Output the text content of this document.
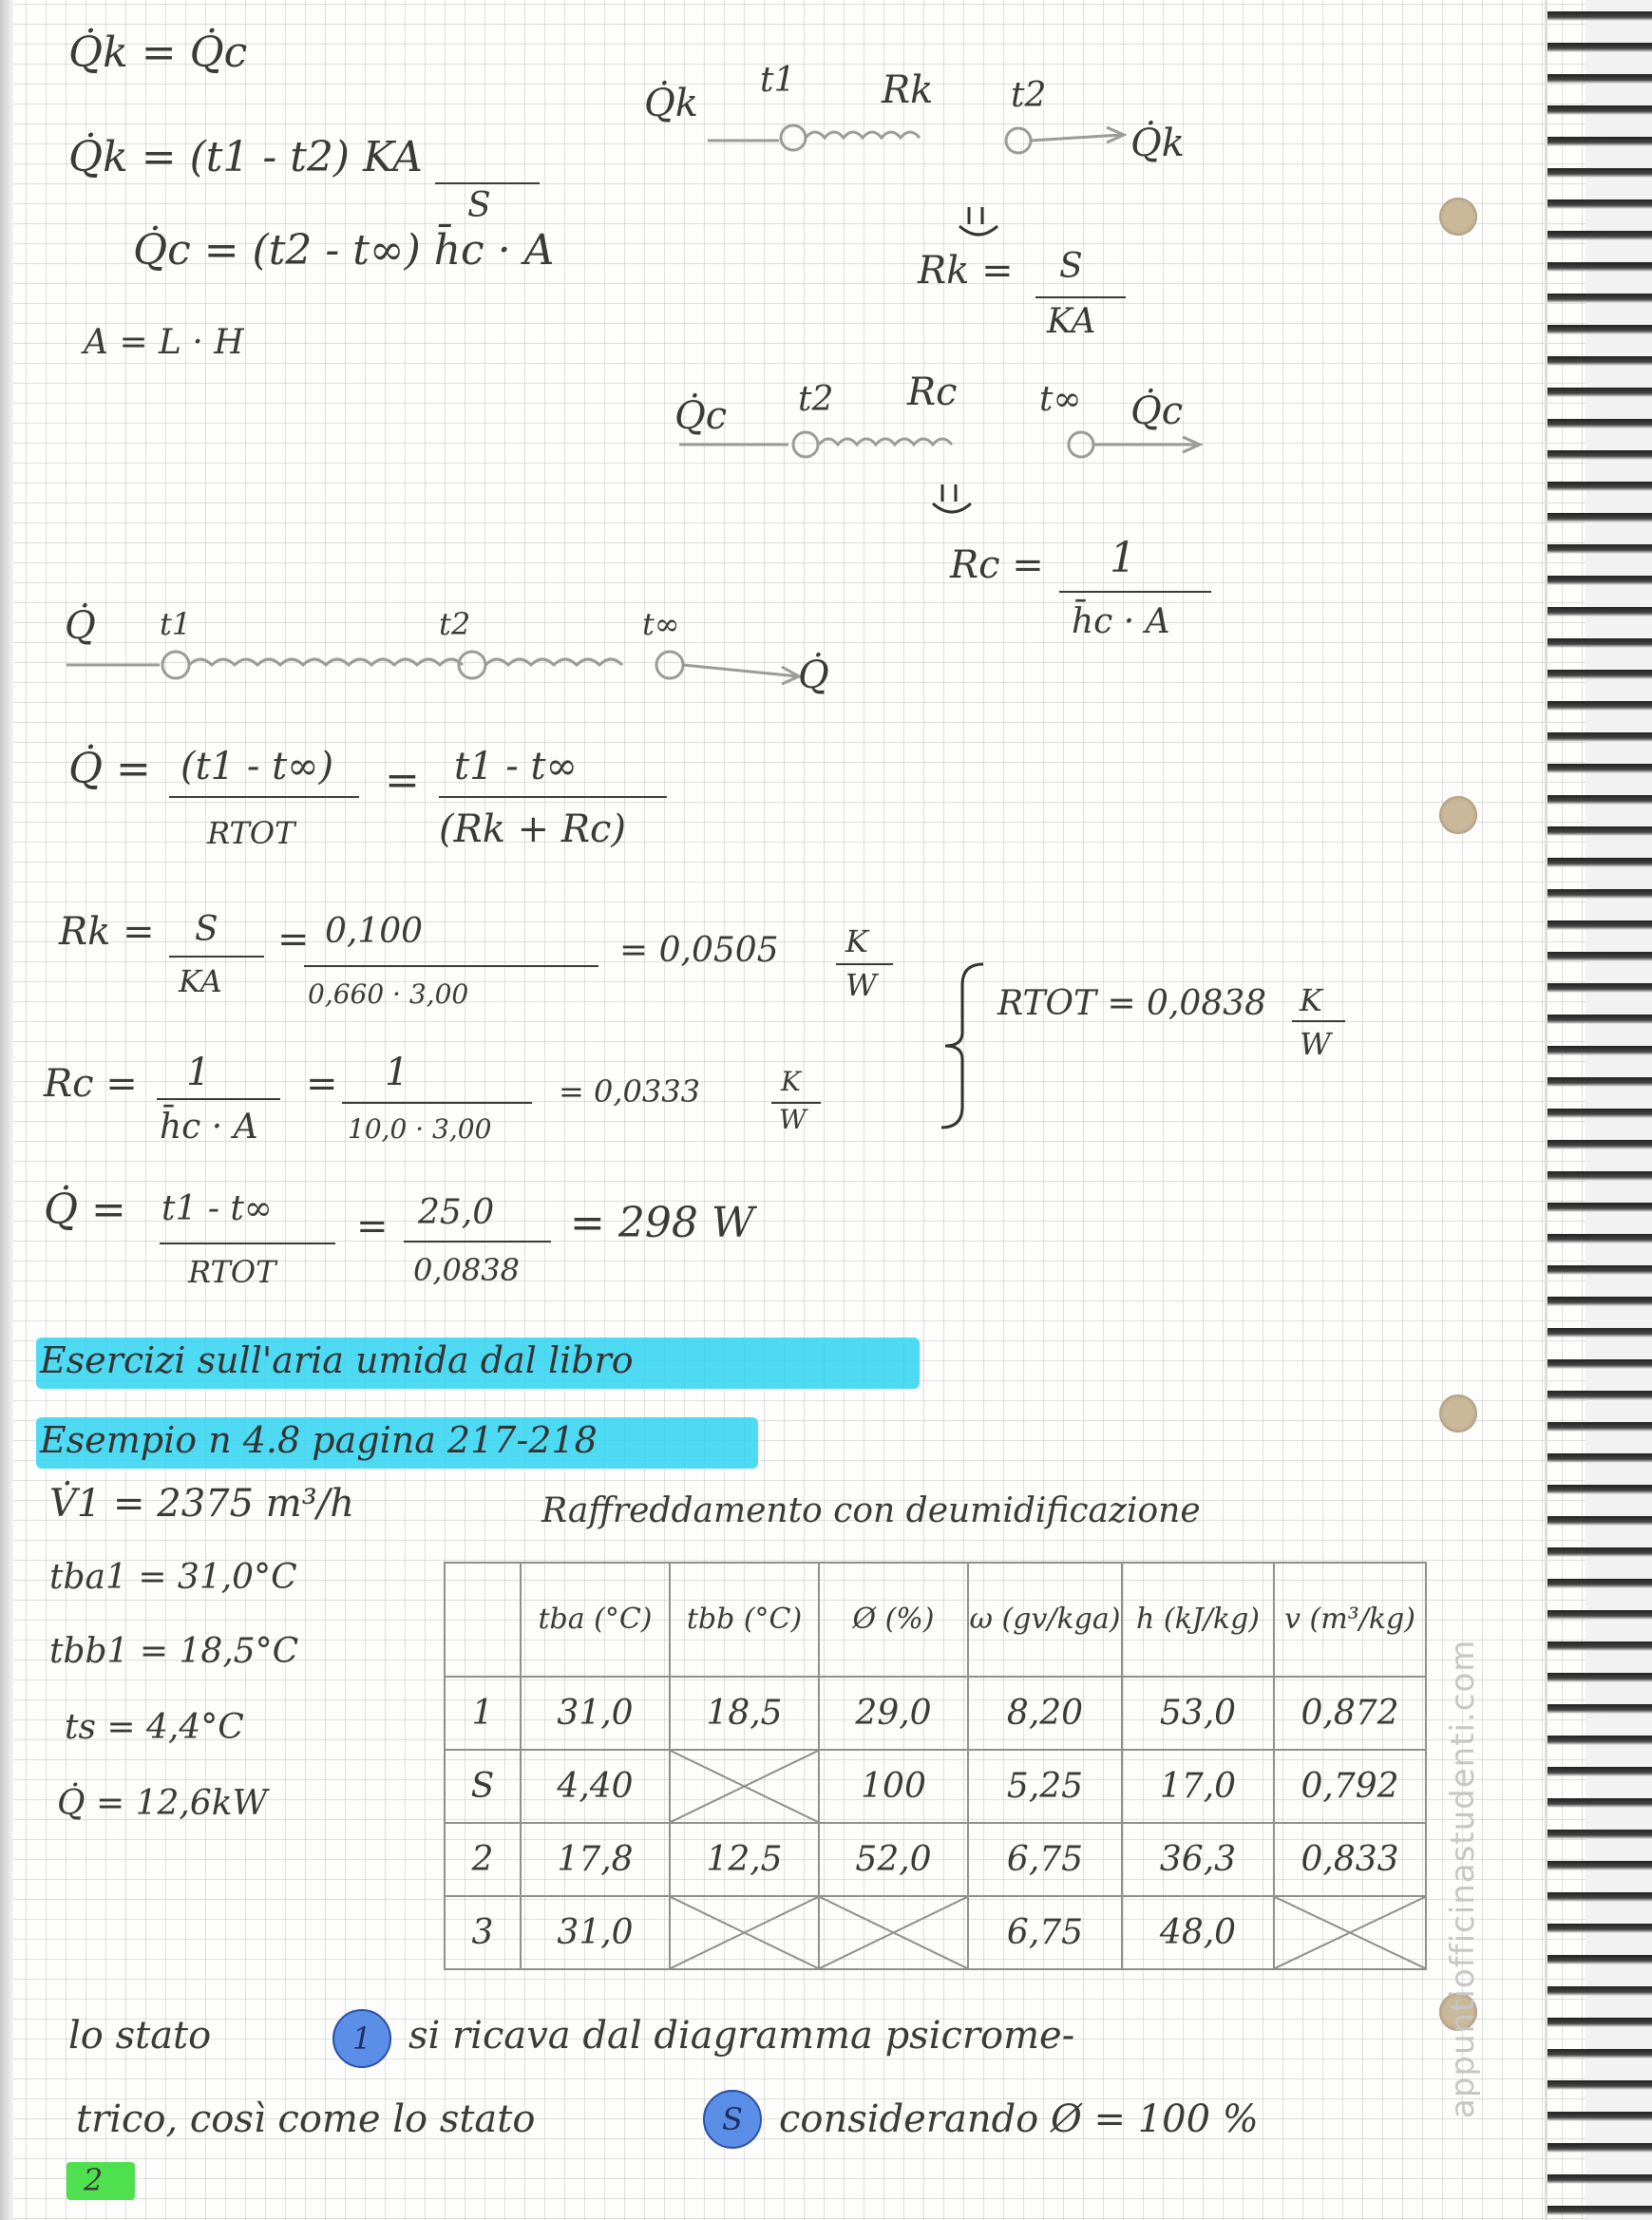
appuntiofficinastudenti.com
Q̇k = Q̇c
Q̇k = (t1 - t2) KA
S
Q̇c = (t2 - t∞) h̄c · A
A = L · H
Q̇k
t1 Rk t2
Q̇k
Rk = S
KA
Q̇c t2 Rc t∞ Q̇c
Rc = 1
h̄c · A
Q̇ t1	t2	t∞
Q̇
Q̇ = (t1 - t∞)
RTOT
= t1 - t∞
(Rk + Rc)
Rk = S
KA
= 0,100
0,660 · 3,00
= 0,0505 K
W	RTOT = 0,0838 K
W
Rc = 1
h̄c · A
= 1
10,0 · 3,00
= 0,0333	K
W
Q̇ = t1 - t∞
RTOT
= 25,0
0,0838
= 298 W
Esercizi sull'aria umida dal libro
Esempio n 4.8 pagina 217-218
V̇1 = 2375 m³/h
tba1 = 31,0°C
tbb1 = 18,5°C
ts = 4,4°C
Q̇ = 12,6kW
Raffreddamento con deumidificazione
	tba (°C)	tbb (°C)	Ø (%)	ω (gv/kga)	h (kJ/kg)	v (m³/kg)
1	31,0	18,5	29,0	8,20	53,0	0,872
S	4,40		100	5,25	17,0	0,792
2	17,8	12,5	52,0	6,75	36,3	0,833
3	31,0			6,75	48,0	
lo stato	1 si ricava dal diagramma psicrome-
trico, così come lo stato	S considerando Ø = 100 %
2
